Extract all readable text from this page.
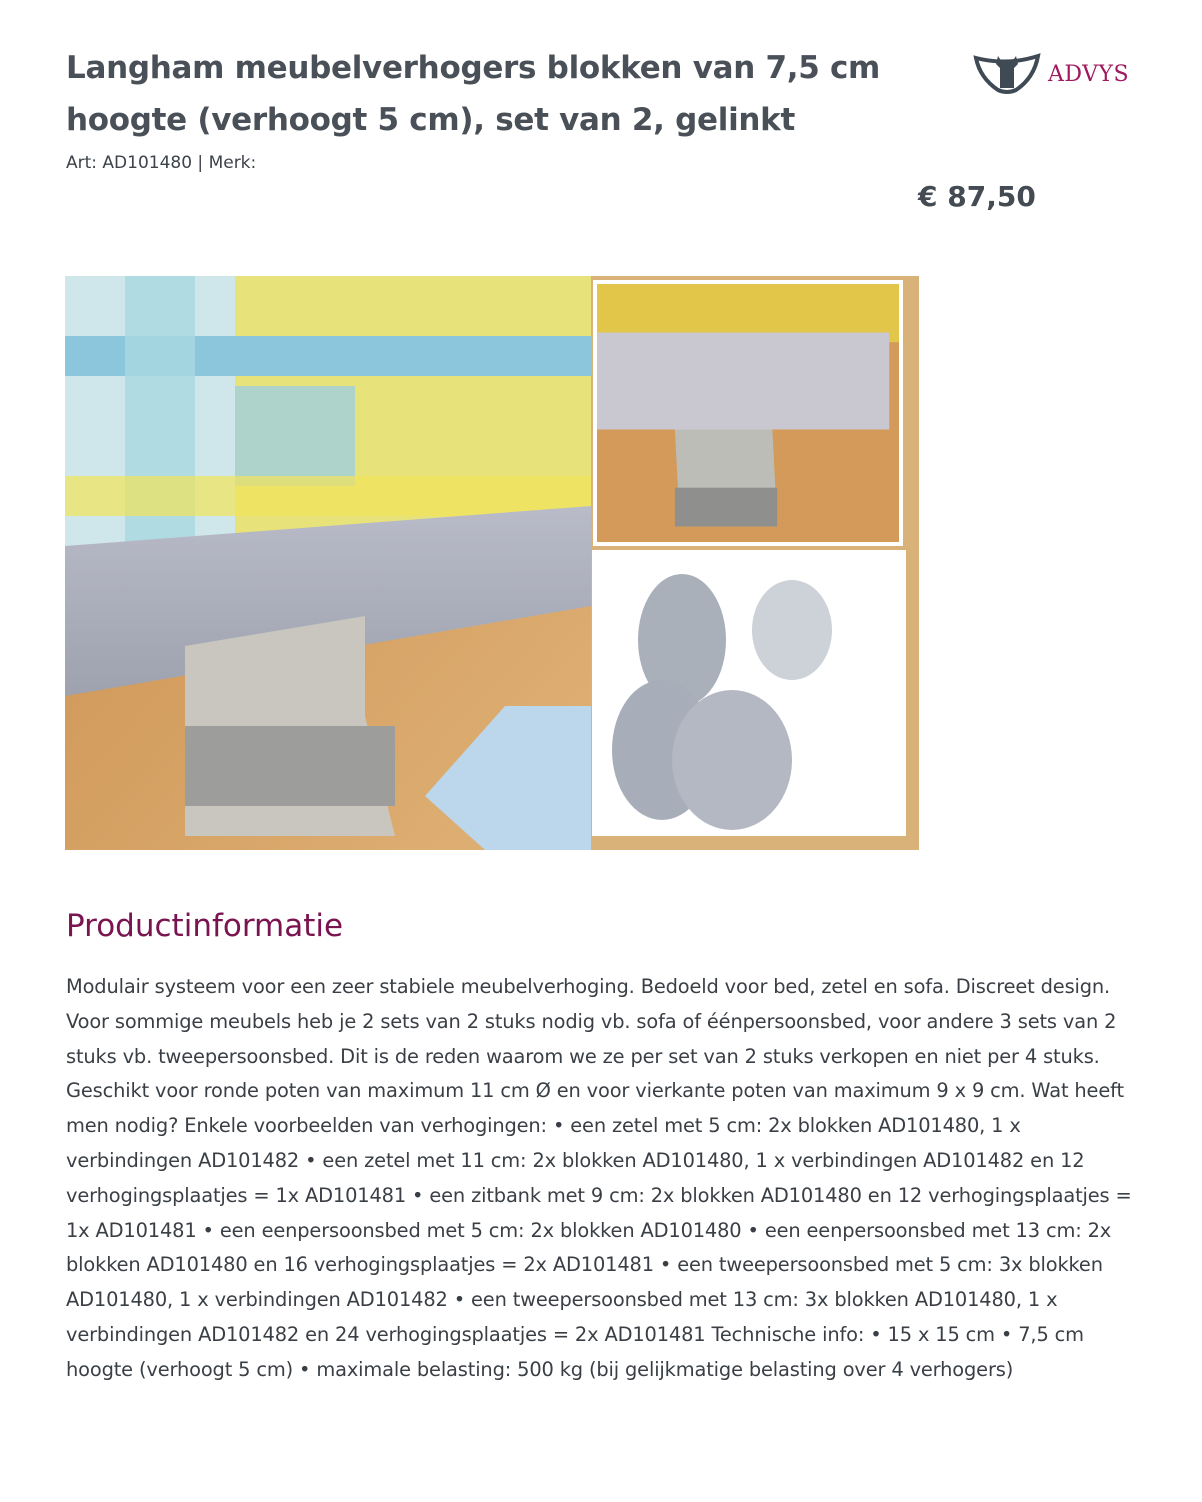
Langham meubelverhogers blokken van 7,5 cm hoogte (verhoogt 5 cm), set van 2, gelinkt
Art: AD101480 | Merk:
ADVYS
€ 87,50
Productinformatie

Modulair systeem voor een zeer stabiele meubelverhoging. Bedoeld voor bed, zetel en sofa. Discreet design. Voor sommige meubels heb je 2 sets van 2 stuks nodig vb. sofa of éénpersoonsbed, voor andere 3 sets van 2 stuks vb. tweepersoonsbed. Dit is de reden waarom we ze per set van 2 stuks verkopen en niet per 4 stuks. Geschikt voor ronde poten van maximum 11 cm Ø en voor vierkante poten van maximum 9 x 9 cm. Wat heeft men nodig? Enkele voorbeelden van verhogingen: • een zetel met 5 cm: 2x blokken AD101480, 1 x verbindingen AD101482 • een zetel met 11 cm: 2x blokken AD101480, 1 x verbindingen AD101482 en 12 verhogingsplaatjes = 1x AD101481 • een zitbank met 9 cm: 2x blokken AD101480 en 12 verhogingsplaatjes = 1x AD101481 • een eenpersoonsbed met 5 cm: 2x blokken AD101480 • een eenpersoonsbed met 13 cm: 2x blokken AD101480 en 16 verhogingsplaatjes = 2x AD101481 • een tweepersoonsbed met 5 cm: 3x blokken AD101480, 1 x verbindingen AD101482 • een tweepersoonsbed met 13 cm: 3x blokken AD101480, 1 x verbindingen AD101482 en 24 verhogingsplaatjes = 2x AD101481 Technische info: • 15 x 15 cm • 7,5 cm hoogte (verhoogt 5 cm) • maximale belasting: 500 kg (bij gelijkmatige belasting over 4 verhogers)
